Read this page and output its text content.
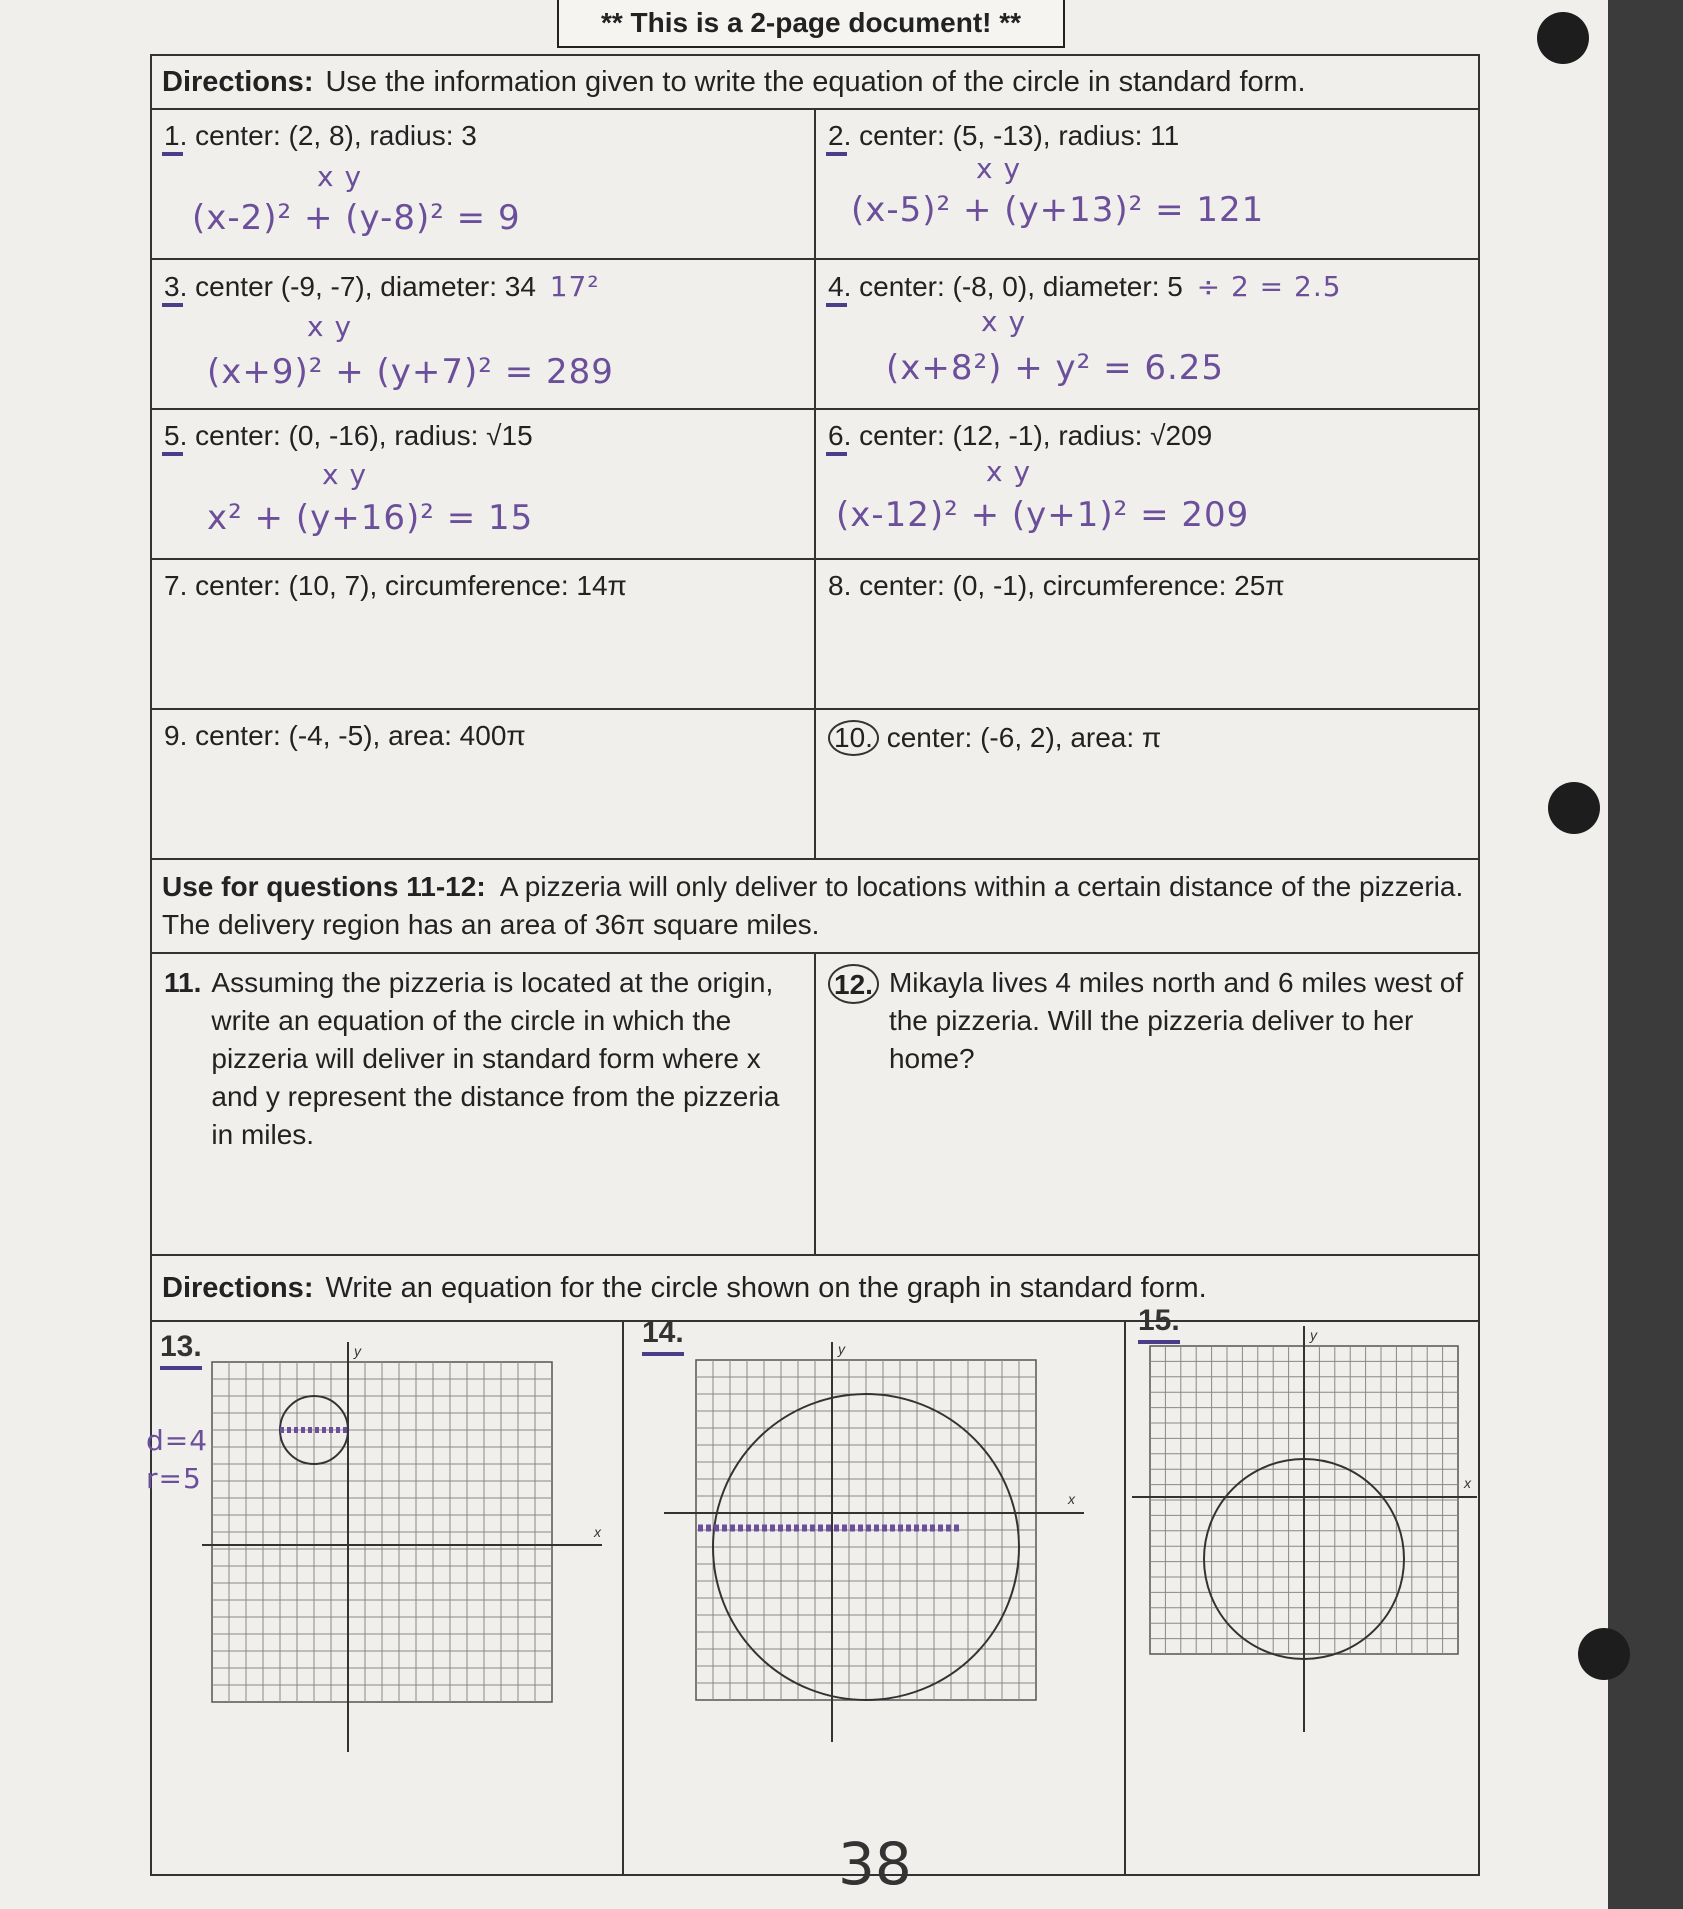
** This is a 2-page document! **
Directions: Use the information given to write the equation of the circle in standard form.
1. center: (2, 8), radius: 3
x y
(x-2)² + (y-8)² = 9
2. center: (5, -13), radius: 11
x y
(x-5)² + (y+13)² = 121
3. center (-9, -7), diameter: 34 17²
x y
(x+9)² + (y+7)² = 289
4. center: (-8, 0), diameter: 5 ÷ 2 = 2.5
x y
(x+8²) + y² = 6.25
5. center: (0, -16), radius: √15
x y
x² + (y+16)² = 15
6. center: (12, -1), radius: √209
x y
(x-12)² + (y+1)² = 209
7. center: (10, 7), circumference: 14π	8. center: (0, -1), circumference: 25π
9. center: (-4, -5), area: 400π	10. center: (-6, 2), area: π
Use for questions 11-12: A pizzeria will only deliver to locations within a certain distance of the pizzeria. The delivery region has an area of 36π square miles.
11. Assuming the pizzeria is located at the origin, write an equation of the circle in which the pizzeria will deliver in standard form where x and y represent the distance from the pizzeria in miles.
12. Mikayla lives 4 miles north and 6 miles west of the pizzeria. Will the pizzeria deliver to her home?
Directions: Write an equation for the circle shown on the graph in standard form.
13.
d=4
r=5
x
y
14.
x
y
15.
x
y
38
